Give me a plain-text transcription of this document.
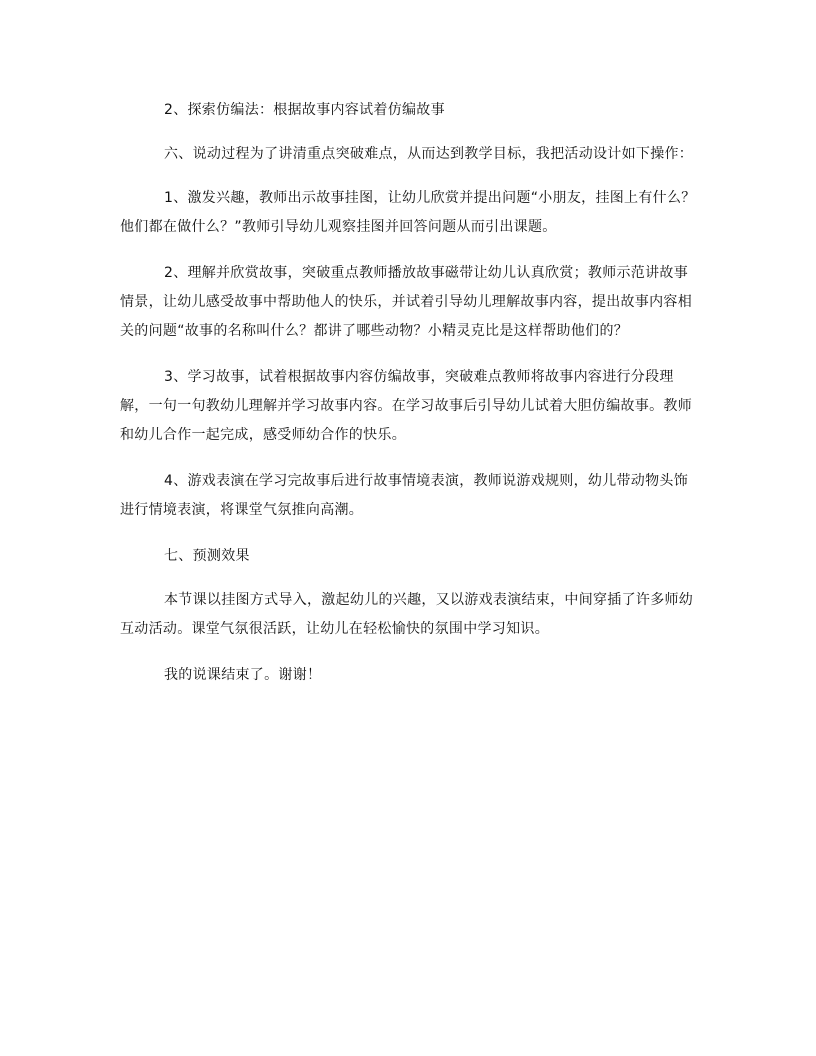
2、探索仿编法：根据故事内容试着仿编故事

六、说动过程为了讲清重点突破难点，从而达到教学目标，我把活动设计如下操作：

1、激发兴趣，教师出示故事挂图，让幼儿欣赏并提出问题“小朋友，挂图上有什么？他们都在做什么？”教师引导幼儿观察挂图并回答问题从而引出课题。

2、理解并欣赏故事，突破重点教师播放故事磁带让幼儿认真欣赏；教师示范讲故事情景，让幼儿感受故事中帮助他人的快乐，并试着引导幼儿理解故事内容，提出故事内容相关的问题“故事的名称叫什么？都讲了哪些动物？小精灵克比是这样帮助他们的？

3、学习故事，试着根据故事内容仿编故事，突破难点教师将故事内容进行分段理解，一句一句教幼儿理解并学习故事内容。在学习故事后引导幼儿试着大胆仿编故事。教师和幼儿合作一起完成，感受师幼合作的快乐。

4、游戏表演在学习完故事后进行故事情境表演，教师说游戏规则，幼儿带动物头饰进行情境表演，将课堂气氛推向高潮。

七、预测效果

本节课以挂图方式导入，激起幼儿的兴趣，又以游戏表演结束，中间穿插了许多师幼互动活动。课堂气氛很活跃，让幼儿在轻松愉快的氛围中学习知识。

我的说课结束了。谢谢！
